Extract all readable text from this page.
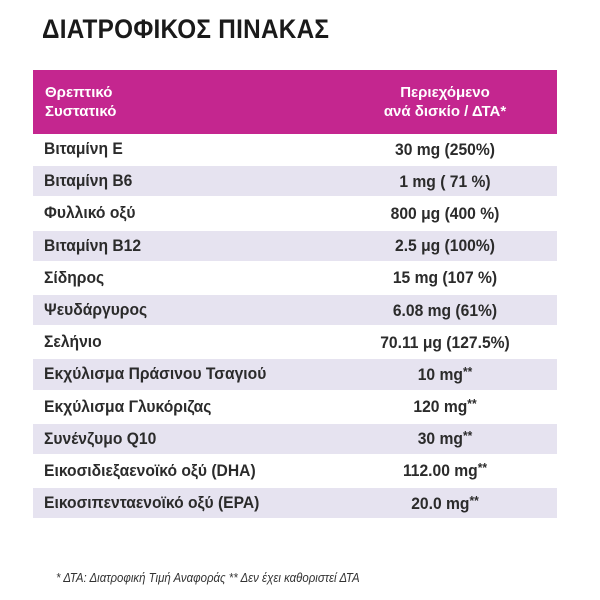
ΔΙΑΤΡΟΦΙΚΟΣ ΠΙΝΑΚΑΣ
Θρεπτικό
Συστατικό
Περιεχόμενο
ανά δισκίο / ΔΤΑ*
Βιταμίνη Ε	30 mg (250%)
Βιταμίνη Β6	1 mg ( 71 %)
Φυλλικό οξύ	800 μg (400 %)
Βιταμίνη Β12	2.5 μg (100%)
Σίδηρος	15 mg (107 %)
Ψευδάργυρος	6.08 mg (61%)
Σελήνιο	70.11 μg (127.5%)
Εκχύλισμα Πράσινου Τσαγιού	10 mg**
Εκχύλισμα Γλυκόριζας	120 mg**
Συνένζυμο Q10	30 mg**
Εικοσιδιεξαενοϊκό οξύ (DHA)	112.00 mg**
Εικοσιπενταενοϊκό οξύ (EPA)	20.0 mg**
* ΔΤΑ: Διατροφική Τιμή Αναφοράς ** Δεν έχει καθοριστεί ΔΤΑ
